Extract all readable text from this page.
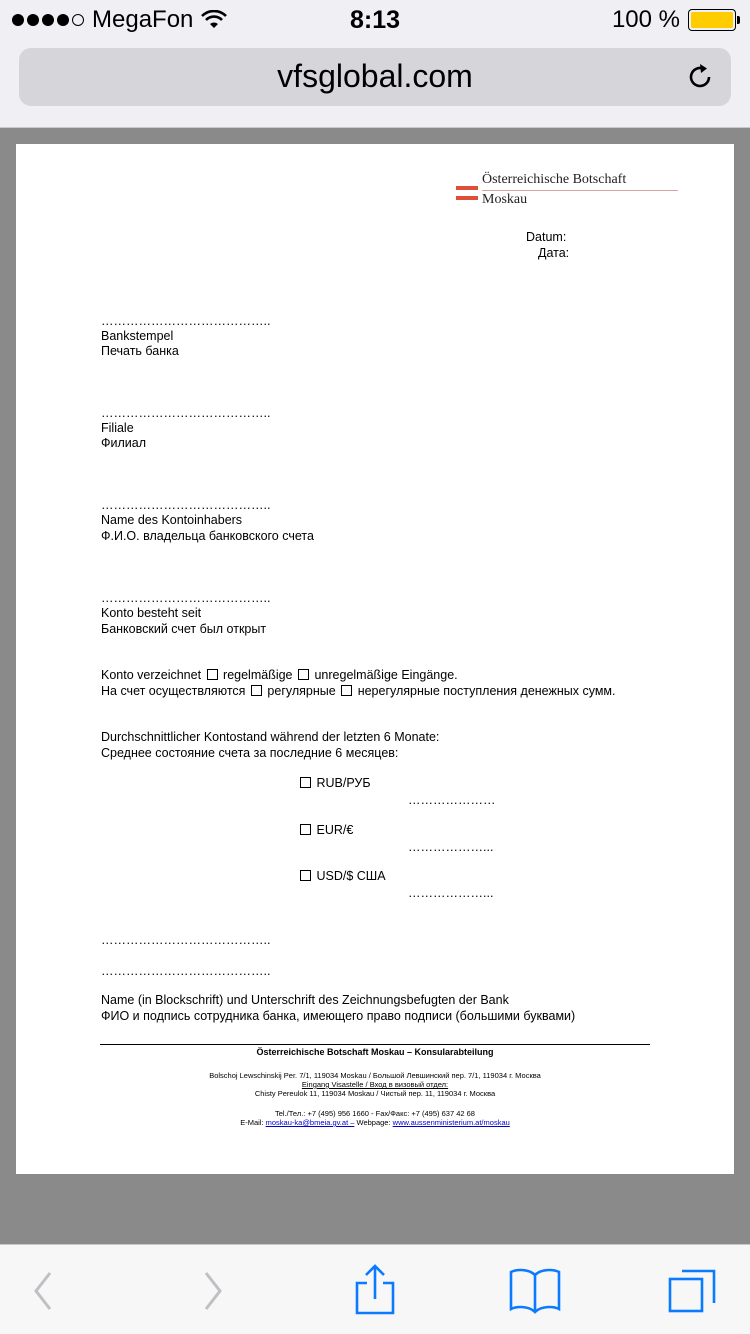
MegaFon	8:13	100 %
vfsglobal.com
Österreichische Botschaft
Moskau
Datum:
Дата:
…………………………………..
Bankstempel
Печать банка
…………………………………..
Filiale
Филиал
…………………………………..
Name des Kontoinhabers
Ф.И.О. владельца банковского счета
…………………………………..
Konto besteht seit
Банковский счет был открыт
Konto verzeichnet regelmäßige unregelmäßige Eingänge.
На счет осуществляются регулярные нерегулярные поступления денежных сумм.
Durchschnittlicher Kontostand während der letzten 6 Monate:
Среднее состояние счета за последние 6 месяцев:
RUB/РУБ
…………………
EUR/€
………………...
USD/$ США
………………...
…………………………………..
…………………………………..
Name (in Blockschrift) und Unterschrift des Zeichnungsbefugten der Bank
ФИО и подпись сотрудника банка, имеющего право подписи (большими буквами)
Österreichische Botschaft Moskau – Konsularabteilung
Bolschoj Lewschinskij Per. 7/1, 119034 Moskau / Большой Левшинский пер. 7/1, 119034 г. Москва
Eingang Visastelle / Вход в визовый отдел:
Chisty Pereulok 11, 119034 Moskau / Чистый пер. 11, 119034 г. Москва
Tel./Тел.: +7 (495) 956 1660 - Fax/Факс: +7 (495) 637 42 68
E-Mail: moskau-ka@bmeia.gv.at – Webpage: www.aussenministerium.at/moskau
